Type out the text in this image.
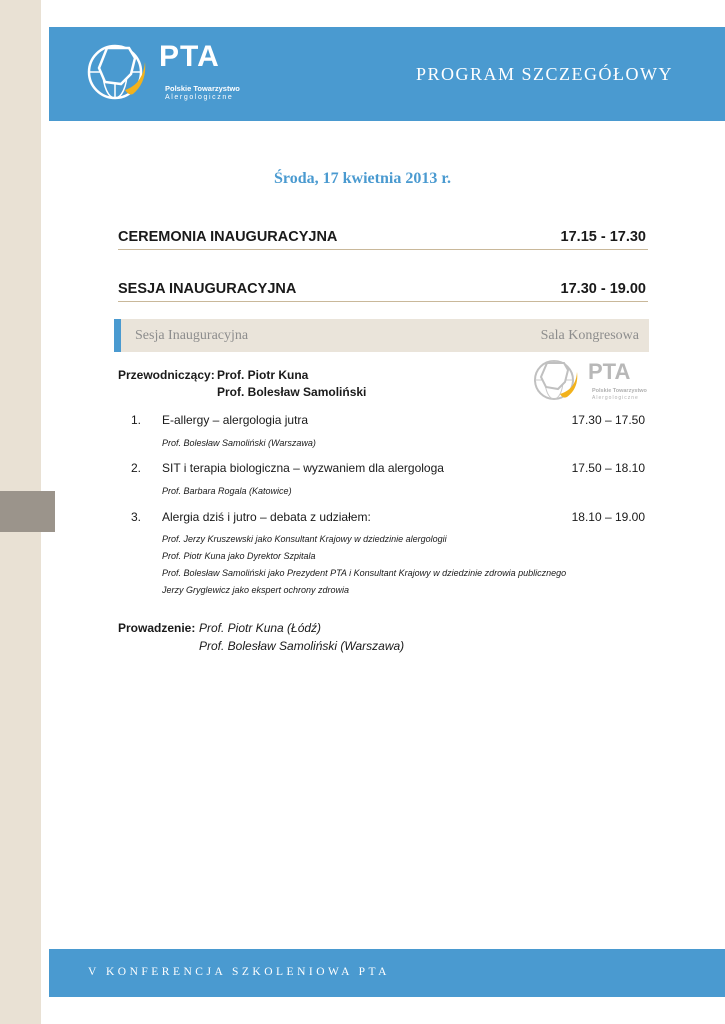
PTA
Polskie Towarzystwo
Alergologiczne
PROGRAM SZCZEGÓŁOWY
Środa, 17 kwietnia 2013 r.
CEREMONIA INAUGURACYJNA	17.15 - 17.30
SESJA INAUGURACYJNA	17.30 - 19.00
Sesja Inauguracyjna	Sala Kongresowa
Przewodniczący: Prof. Piotr Kuna
Prof. Bolesław Samoliński
PTA
Polskie Towarzystwo
Alergologiczne
1. E-allergy – alergologia jutra	17.30 – 17.50
Prof. Bolesław Samoliński (Warszawa)
2. SIT i terapia biologiczna – wyzwaniem dla alergologa	17.50 – 18.10
Prof. Barbara Rogala (Katowice)
3. Alergia dziś i jutro – debata z udziałem:	18.10 – 19.00
Prof. Jerzy Kruszewski jako Konsultant Krajowy w dziedzinie alergologii
Prof. Piotr Kuna jako Dyrektor Szpitala
Prof. Bolesław Samoliński jako Prezydent PTA i Konsultant Krajowy w dziedzinie zdrowia publicznego
Jerzy Gryglewicz jako ekspert ochrony zdrowia
Prowadzenie: Prof. Piotr Kuna (Łódź)
Prof. Bolesław Samoliński (Warszawa)
V KONFERENCJA SZKOLENIOWA PTA
